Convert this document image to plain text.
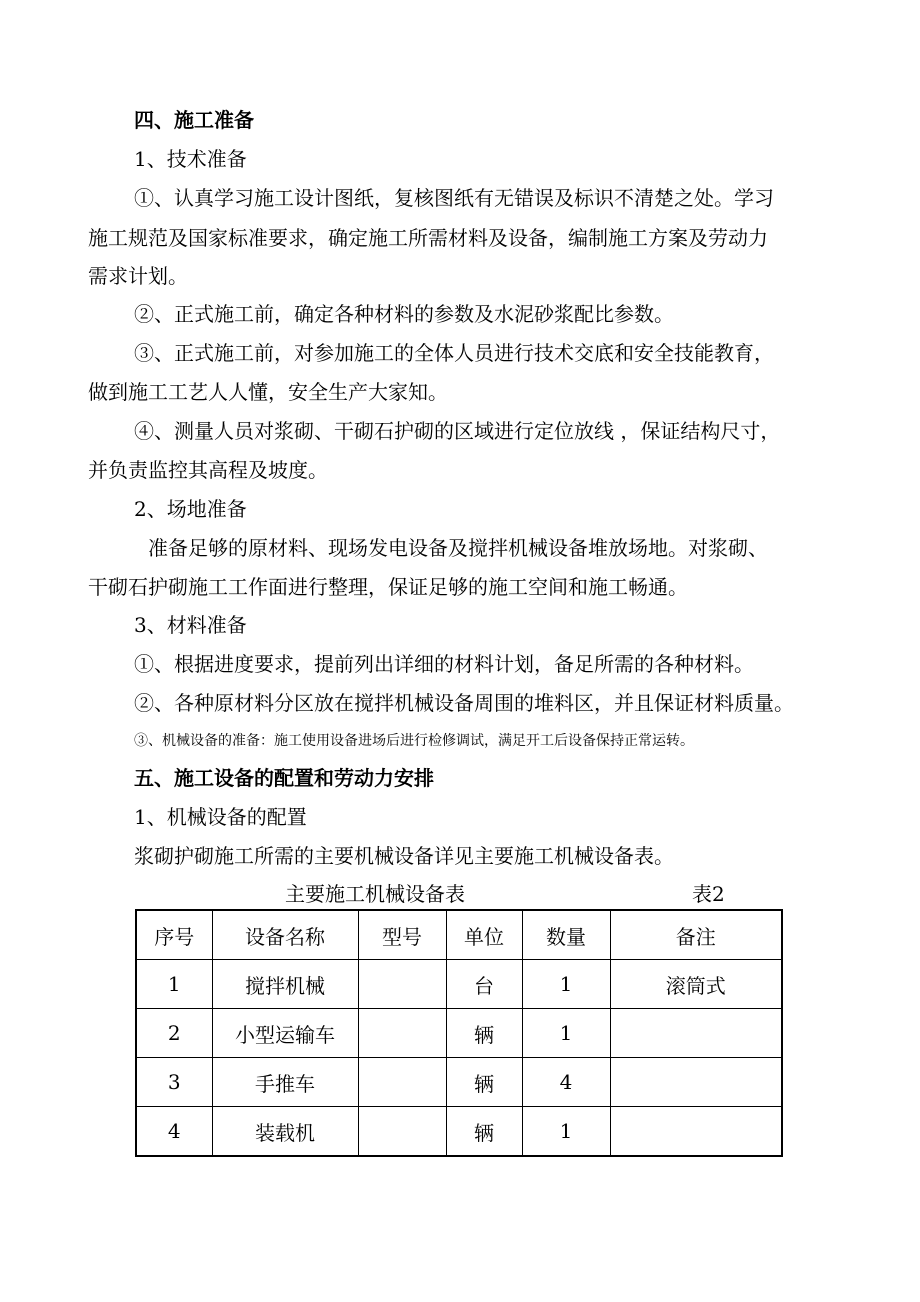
四、施工准备

1、技术准备

①、认真学习施工设计图纸，复核图纸有无错误及标识不清楚之处。学习

施工规范及国家标准要求，确定施工所需材料及设备，编制施工方案及劳动力

需求计划。

②、正式施工前，确定各种材料的参数及水泥砂浆配比参数。

③、正式施工前，对参加施工的全体人员进行技术交底和安全技能教育，

做到施工工艺人人懂，安全生产大家知。

④、测量人员对浆砌、干砌石护砌的区域进行定位放线 ，保证结构尺寸，

并负责监控其高程及坡度。

2、场地准备

准备足够的原材料、现场发电设备及搅拌机械设备堆放场地。对浆砌、

干砌石护砌施工工作面进行整理，保证足够的施工空间和施工畅通。

3、材料准备

①、根据进度要求，提前列出详细的材料计划，备足所需的各种材料。

②、各种原材料分区放在搅拌机械设备周围的堆料区，并且保证材料质量。

③、机械设备的准备：施工使用设备进场后进行检修调试，满足开工后设备保持正常运转。

五、施工设备的配置和劳动力安排

1、机械设备的配置

浆砌护砌施工所需的主要机械设备详见主要施工机械设备表。

主要施工机械设备表	表2

序号	设备名称	型号	单位	数量	备注
1	搅拌机械		台	1	滚筒式
2	小型运输车		辆	1	
3	手推车		辆	4	
4	装载机		辆	1	
